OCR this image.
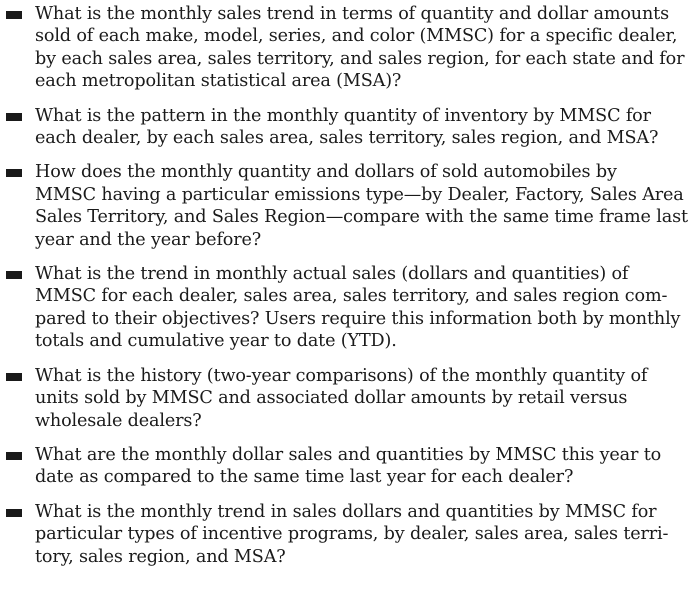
What is the monthly sales trend in terms of quantity and dollar amounts
sold of each make, model, series, and color (MMSC) for a specific dealer,
by each sales area, sales territory, and sales region, for each state and for
each metropolitan statistical area (MSA)?
What is the pattern in the monthly quantity of inventory by MMSC for
each dealer, by each sales area, sales territory, sales region, and MSA?
How does the monthly quantity and dollars of sold automobiles by
MMSC having a particular emissions type—by Dealer, Factory, Sales Area
Sales Territory, and Sales Region—compare with the same time frame last
year and the year before?
What is the trend in monthly actual sales (dollars and quantities) of
MMSC for each dealer, sales area, sales territory, and sales region com-
pared to their objectives? Users require this information both by monthly
totals and cumulative year to date (YTD).
What is the history (two-year comparisons) of the monthly quantity of
units sold by MMSC and associated dollar amounts by retail versus
wholesale dealers?
What are the monthly dollar sales and quantities by MMSC this year to
date as compared to the same time last year for each dealer?
What is the monthly trend in sales dollars and quantities by MMSC for
particular types of incentive programs, by dealer, sales area, sales terri-
tory, sales region, and MSA?
